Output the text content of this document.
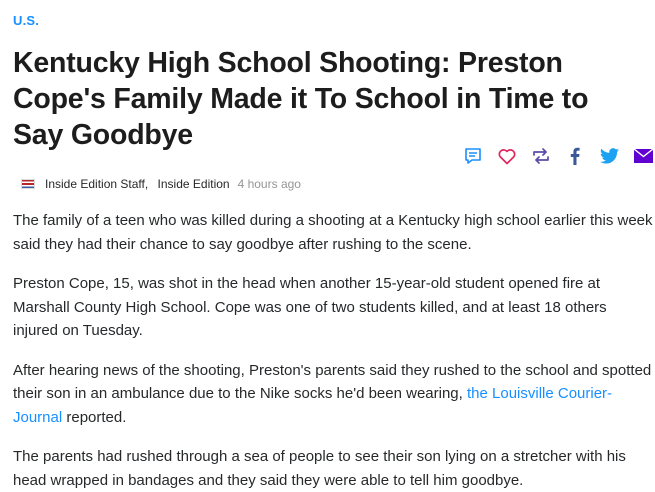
U.S.
Kentucky High School Shooting: Preston Cope's Family Made it To School in Time to Say Goodbye
Inside Edition Staff,
Inside Edition 4 hours ago

The family of a teen who was killed during a shooting at a Kentucky high school earlier this week said they had their chance to say goodbye after rushing to the scene.

Preston Cope, 15, was shot in the head when another 15-year-old student opened fire at Marshall County High School. Cope was one of two students killed, and at least 18 others injured on Tuesday.

After hearing news of the shooting, Preston's parents said they rushed to the school and spotted their son in an ambulance due to the Nike socks he'd been wearing, the Louisville Courier-Journal reported.

The parents had rushed through a sea of people to see their son lying on a stretcher with his head wrapped in bandages and they said they were able to tell him goodbye.
